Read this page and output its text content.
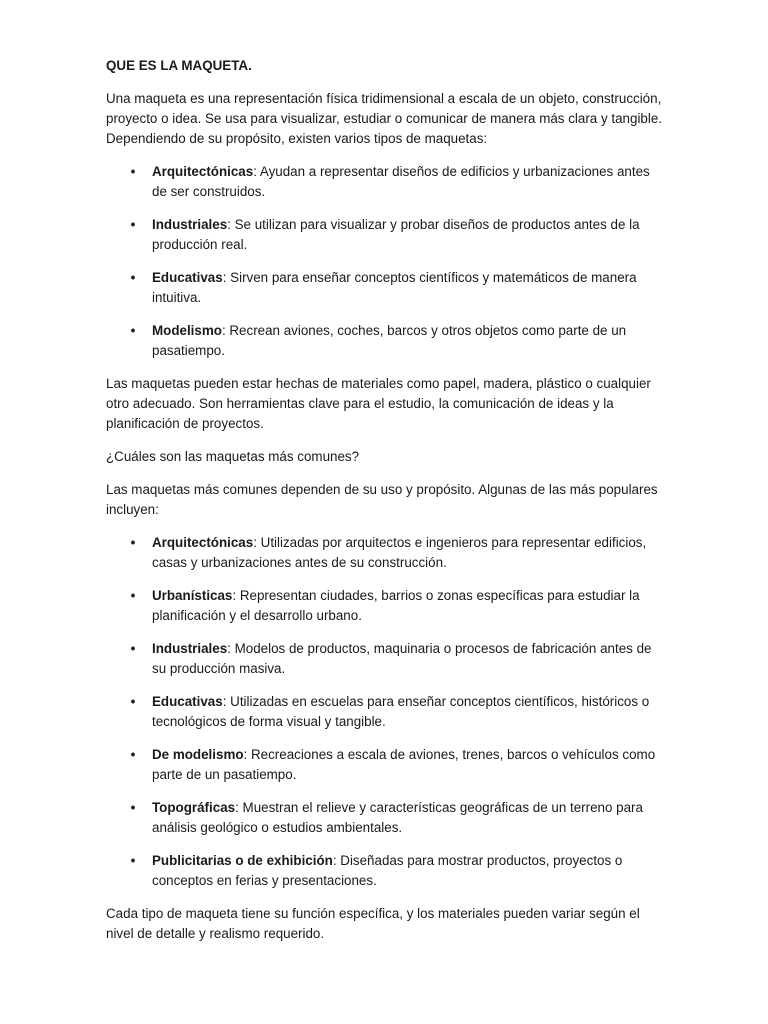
QUE ES LA MAQUETA.

Una maqueta es una representación física tridimensional a escala de un objeto, construcción, proyecto o idea. Se usa para visualizar, estudiar o comunicar de manera más clara y tangible. Dependiendo de su propósito, existen varios tipos de maquetas:

• Arquitectónicas: Ayudan a representar diseños de edificios y urbanizaciones antes de ser construidos.
• Industriales: Se utilizan para visualizar y probar diseños de productos antes de la producción real.
• Educativas: Sirven para enseñar conceptos científicos y matemáticos de manera intuitiva.
• Modelismo: Recrean aviones, coches, barcos y otros objetos como parte de un pasatiempo.

Las maquetas pueden estar hechas de materiales como papel, madera, plástico o cualquier otro adecuado. Son herramientas clave para el estudio, la comunicación de ideas y la planificación de proyectos.

¿Cuáles son las maquetas más comunes?

Las maquetas más comunes dependen de su uso y propósito. Algunas de las más populares incluyen:

• Arquitectónicas: Utilizadas por arquitectos e ingenieros para representar edificios, casas y urbanizaciones antes de su construcción.
• Urbanísticas: Representan ciudades, barrios o zonas específicas para estudiar la planificación y el desarrollo urbano.
• Industriales: Modelos de productos, maquinaria o procesos de fabricación antes de su producción masiva.
• Educativas: Utilizadas en escuelas para enseñar conceptos científicos, históricos o tecnológicos de forma visual y tangible.
• De modelismo: Recreaciones a escala de aviones, trenes, barcos o vehículos como parte de un pasatiempo.
• Topográficas: Muestran el relieve y características geográficas de un terreno para análisis geológico o estudios ambientales.
• Publicitarias o de exhibición: Diseñadas para mostrar productos, proyectos o conceptos en ferias y presentaciones.

Cada tipo de maqueta tiene su función específica, y los materiales pueden variar según el nivel de detalle y realismo requerido.
